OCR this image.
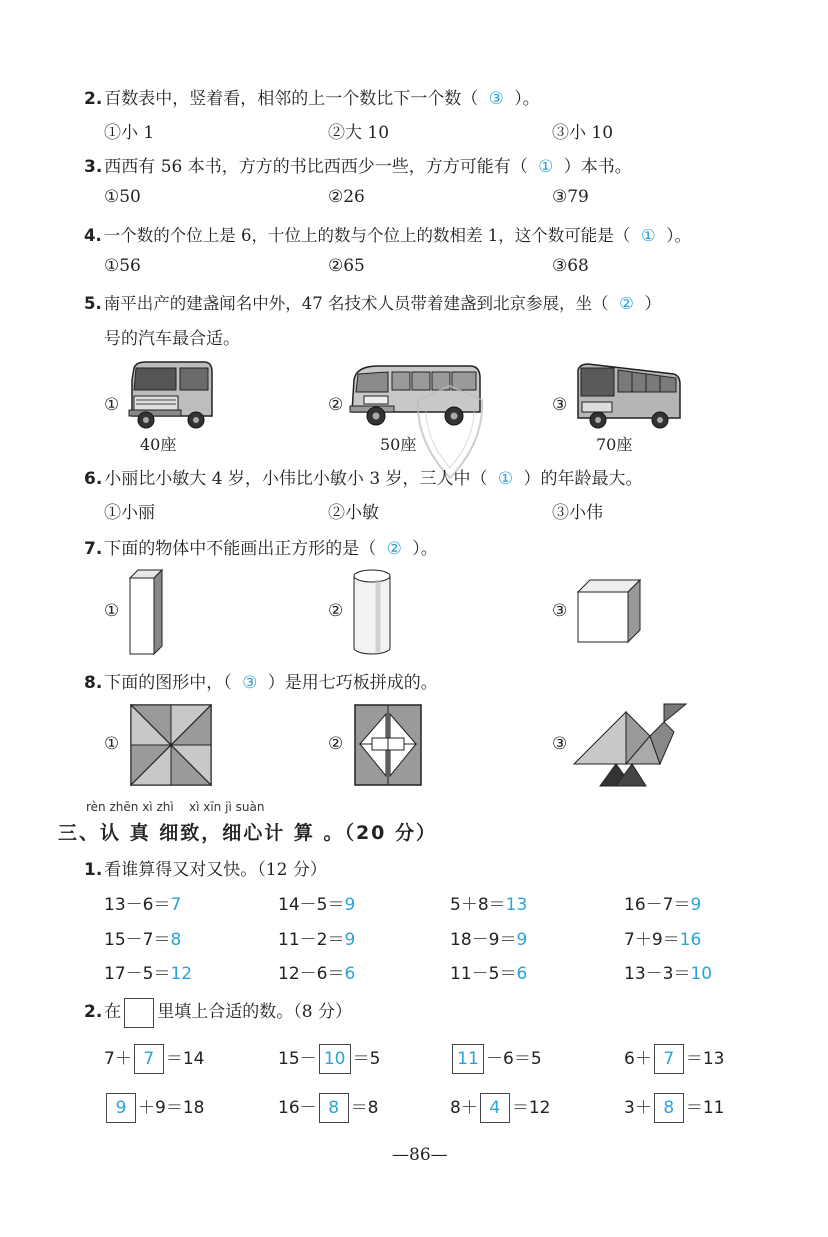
2. 百数表中，竖着看，相邻的上一个数比下一个数（ ③ ）。
①小 1	②大 10	③小 10
3. 西西有 56 本书，方方的书比西西少一些，方方可能有（ ① ）本书。
①50	②26	③79
4. 一个数的个位上是 6，十位上的数与个位上的数相差 1，这个数可能是（ ① ）。
①56	②65	③68
5. 南平出产的建盏闻名中外，47 名技术人员带着建盏到北京参展，坐（ ② ）
号的汽车最合适。
①	②	③
40座	50座	70座
6. 小丽比小敏大 4 岁，小伟比小敏小 3 岁，三人中（ ① ）的年龄最大。
①小丽	②小敏	③小伟
7. 下面的物体中不能画出正方形的是（ ② ）。
①	②	③
8. 下面的图形中，（ ③ ）是用七巧板拼成的。
①	②	③
rèn zhēn xì zhì xì xīn jì suàn
三、认 真 细致，细心计 算 。（20 分）
1. 看谁算得又对又快。（12 分）
13－6＝7	14－5＝9	5＋8＝13	16－7＝9
15－7＝8	11－2＝9	18－9＝9	7＋9＝16
17－5＝12	12－6＝6	11－5＝6	13－3＝10
2. 在 里填上合适的数。（8 分）
7＋ 7 ＝14	15－ 10 ＝5	11 －6＝5	6＋ 7 ＝13
9 ＋9＝18	16－ 8 ＝8	8＋ 4 ＝12	3＋ 8 ＝11
—86—
